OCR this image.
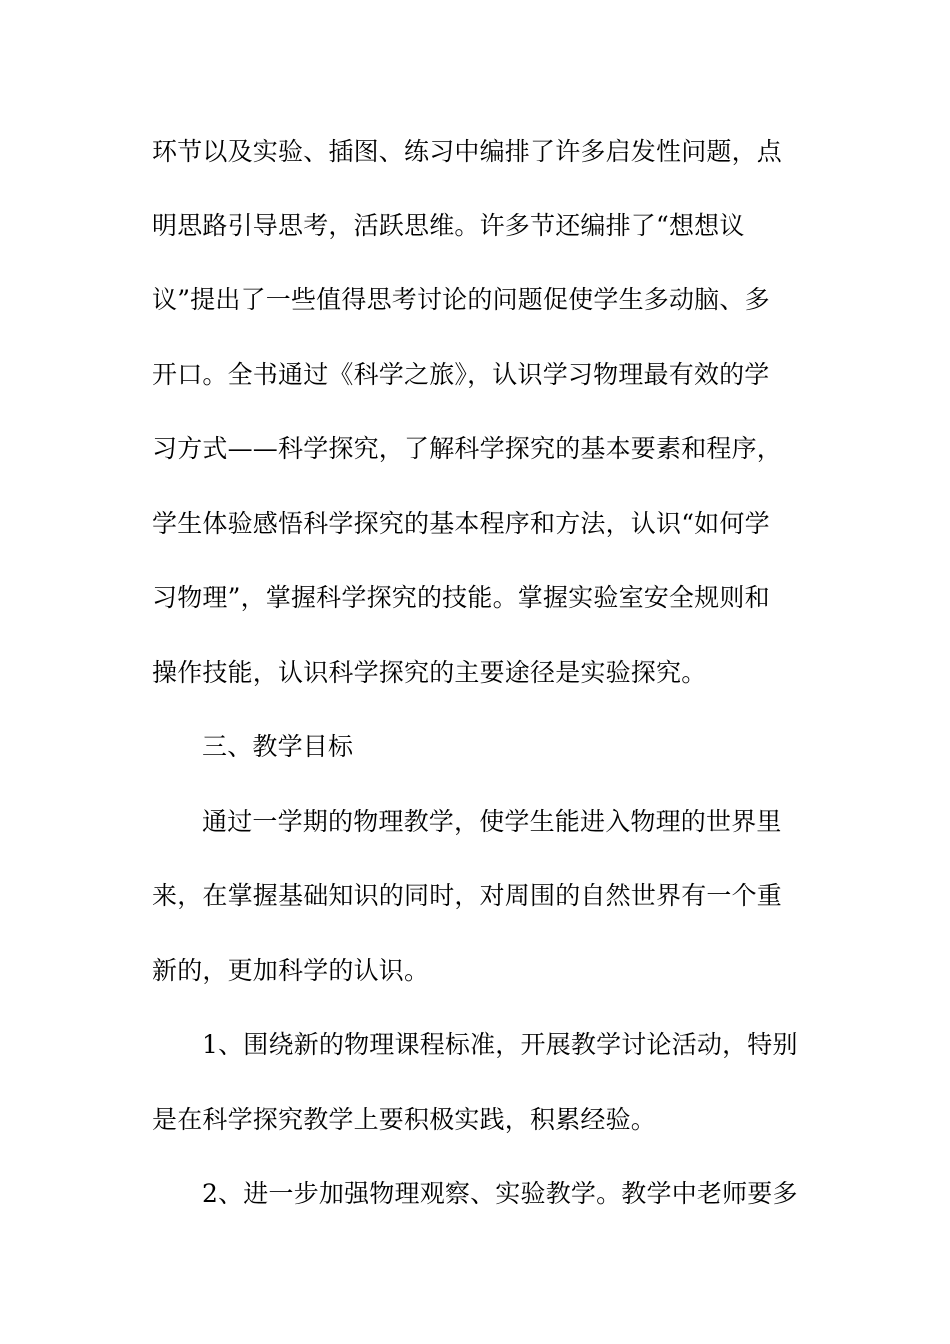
环节以及实验、插图、练习中编排了许多启发性问题，点
明思路引导思考，活跃思维。许多节还编排了“想想议
议”提出了一些值得思考讨论的问题促使学生多动脑、多
开口。全书通过《科学之旅》，认识学习物理最有效的学
习方式——科学探究，了解科学探究的基本要素和程序，
学生体验感悟科学探究的基本程序和方法，认识“如何学
习物理”，掌握科学探究的技能。掌握实验室安全规则和
操作技能，认识科学探究的主要途径是实验探究。
三、教学目标
通过一学期的物理教学，使学生能进入物理的世界里
来，在掌握基础知识的同时，对周围的自然世界有一个重
新的，更加科学的认识。
1、围绕新的物理课程标准，开展教学讨论活动，特别
是在科学探究教学上要积极实践，积累经验。
2、进一步加强物理观察、实验教学。教学中老师要多
